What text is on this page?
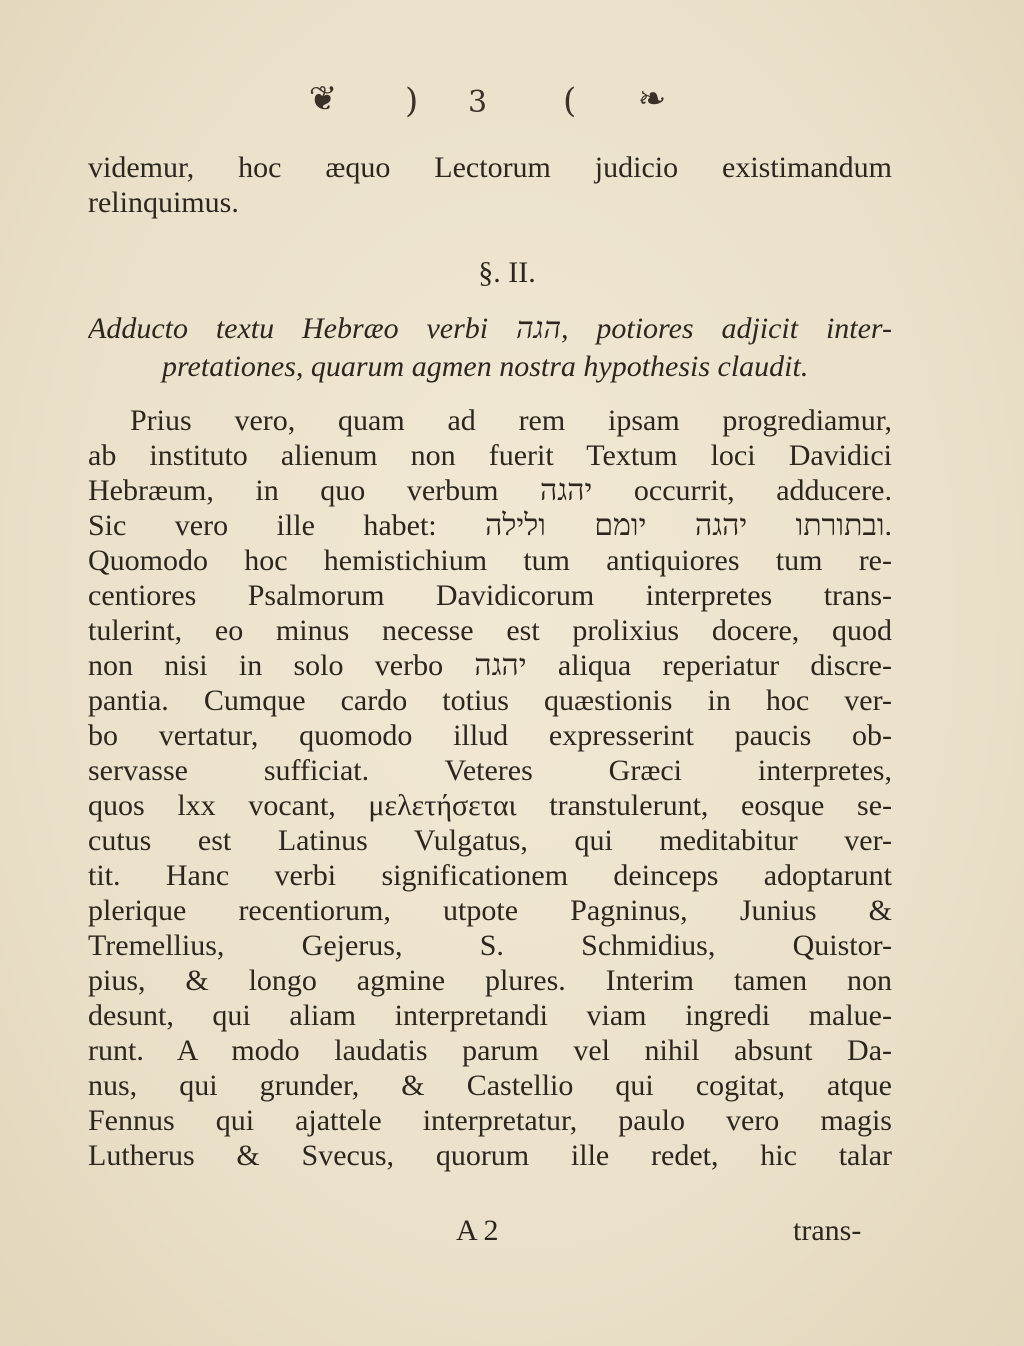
❦ ) 3 ( ❧
videmur, hoc æquo Lectorum judicio existimandum
relinquimus.
§. II.
Adducto textu Hebræo verbi הגה, potiores adjicit inter-
pretationes, quarum agmen nostra hypothesis claudit.
Prius vero, quam ad rem ipsam progrediamur,
ab instituto alienum non fuerit Textum loci Davidici
Hebræum, in quo verbum יהגה occurrit, adducere.
Sic vero ille habet: ובתורתו יהגה יומם ולילה.
Quomodo hoc hemistichium tum antiquiores tum re-
centiores Psalmorum Davidicorum interpretes trans-
tulerint, eo minus necesse est prolixius docere, quod
non nisi in solo verbo יהגה aliqua reperiatur discre-
pantia. Cumque cardo totius quæstionis in hoc ver-
bo vertatur, quomodo illud expresserint paucis ob-
servasse sufficiat. Veteres Græci interpretes,
quos lxx vocant, μελετήσεται transtulerunt, eosque se-
cutus est Latinus Vulgatus, qui meditabitur ver-
tit. Hanc verbi significationem deinceps adoptarunt
plerique recentiorum, utpote Pagninus, Junius &
Tremellius, Gejerus, S. Schmidius, Quistor-
pius, & longo agmine plures. Interim tamen non
desunt, qui aliam interpretandi viam ingredi malue-
runt. A modo laudatis parum vel nihil absunt Da-
nus, qui grunder, & Castellio qui cogitat, atque
Fennus qui ajattele interpretatur, paulo vero magis
Lutherus & Svecus, quorum ille redet, hic talar
A 2	trans-
